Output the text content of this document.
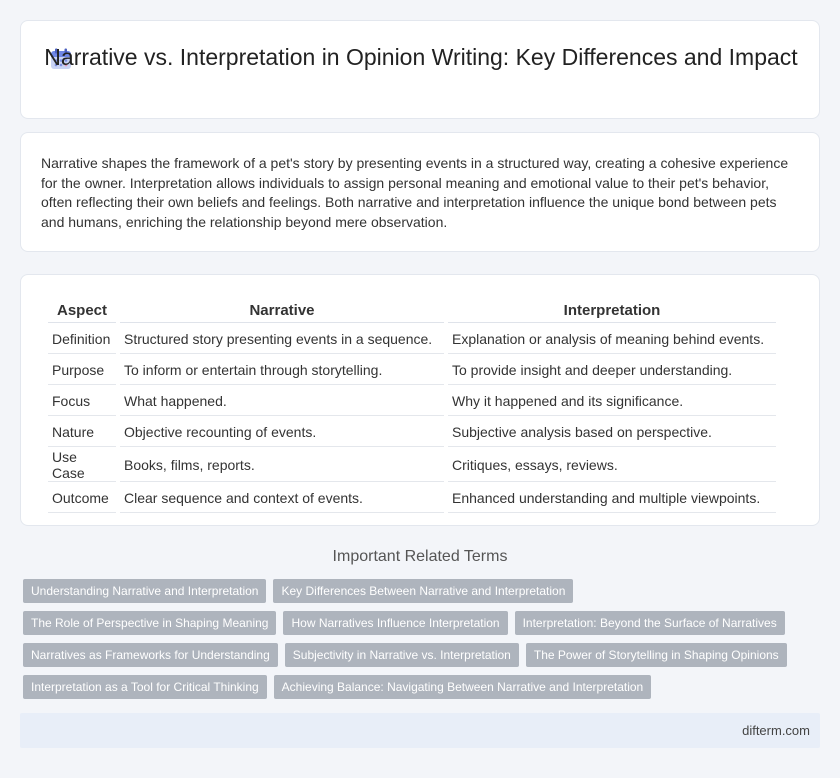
Narrative vs. Interpretation in Opinion Writing: Key Differences and Impact

Narrative shapes the framework of a pet's story by presenting events in a structured way, creating a cohesive experience for the owner. Interpretation allows individuals to assign personal meaning and emotional value to their pet's behavior, often reflecting their own beliefs and feelings. Both narrative and interpretation influence the unique bond between pets and humans, enriching the relationship beyond mere observation.

Aspect	Narrative	Interpretation
Definition	Structured story presenting events in a sequence.	Explanation or analysis of meaning behind events.
Purpose	To inform or entertain through storytelling.	To provide insight and deeper understanding.
Focus	What happened.	Why it happened and its significance.
Nature	Objective recounting of events.	Subjective analysis based on perspective.
Use Case	Books, films, reports.	Critiques, essays, reviews.
Outcome	Clear sequence and context of events.	Enhanced understanding and multiple viewpoints.
Important Related Terms
Understanding Narrative and Interpretation	Key Differences Between Narrative and Interpretation
The Role of Perspective in Shaping Meaning	How Narratives Influence Interpretation	Interpretation: Beyond the Surface of Narratives
Narratives as Frameworks for Understanding	Subjectivity in Narrative vs. Interpretation	The Power of Storytelling in Shaping Opinions
Interpretation as a Tool for Critical Thinking	Achieving Balance: Navigating Between Narrative and Interpretation
difterm.com
